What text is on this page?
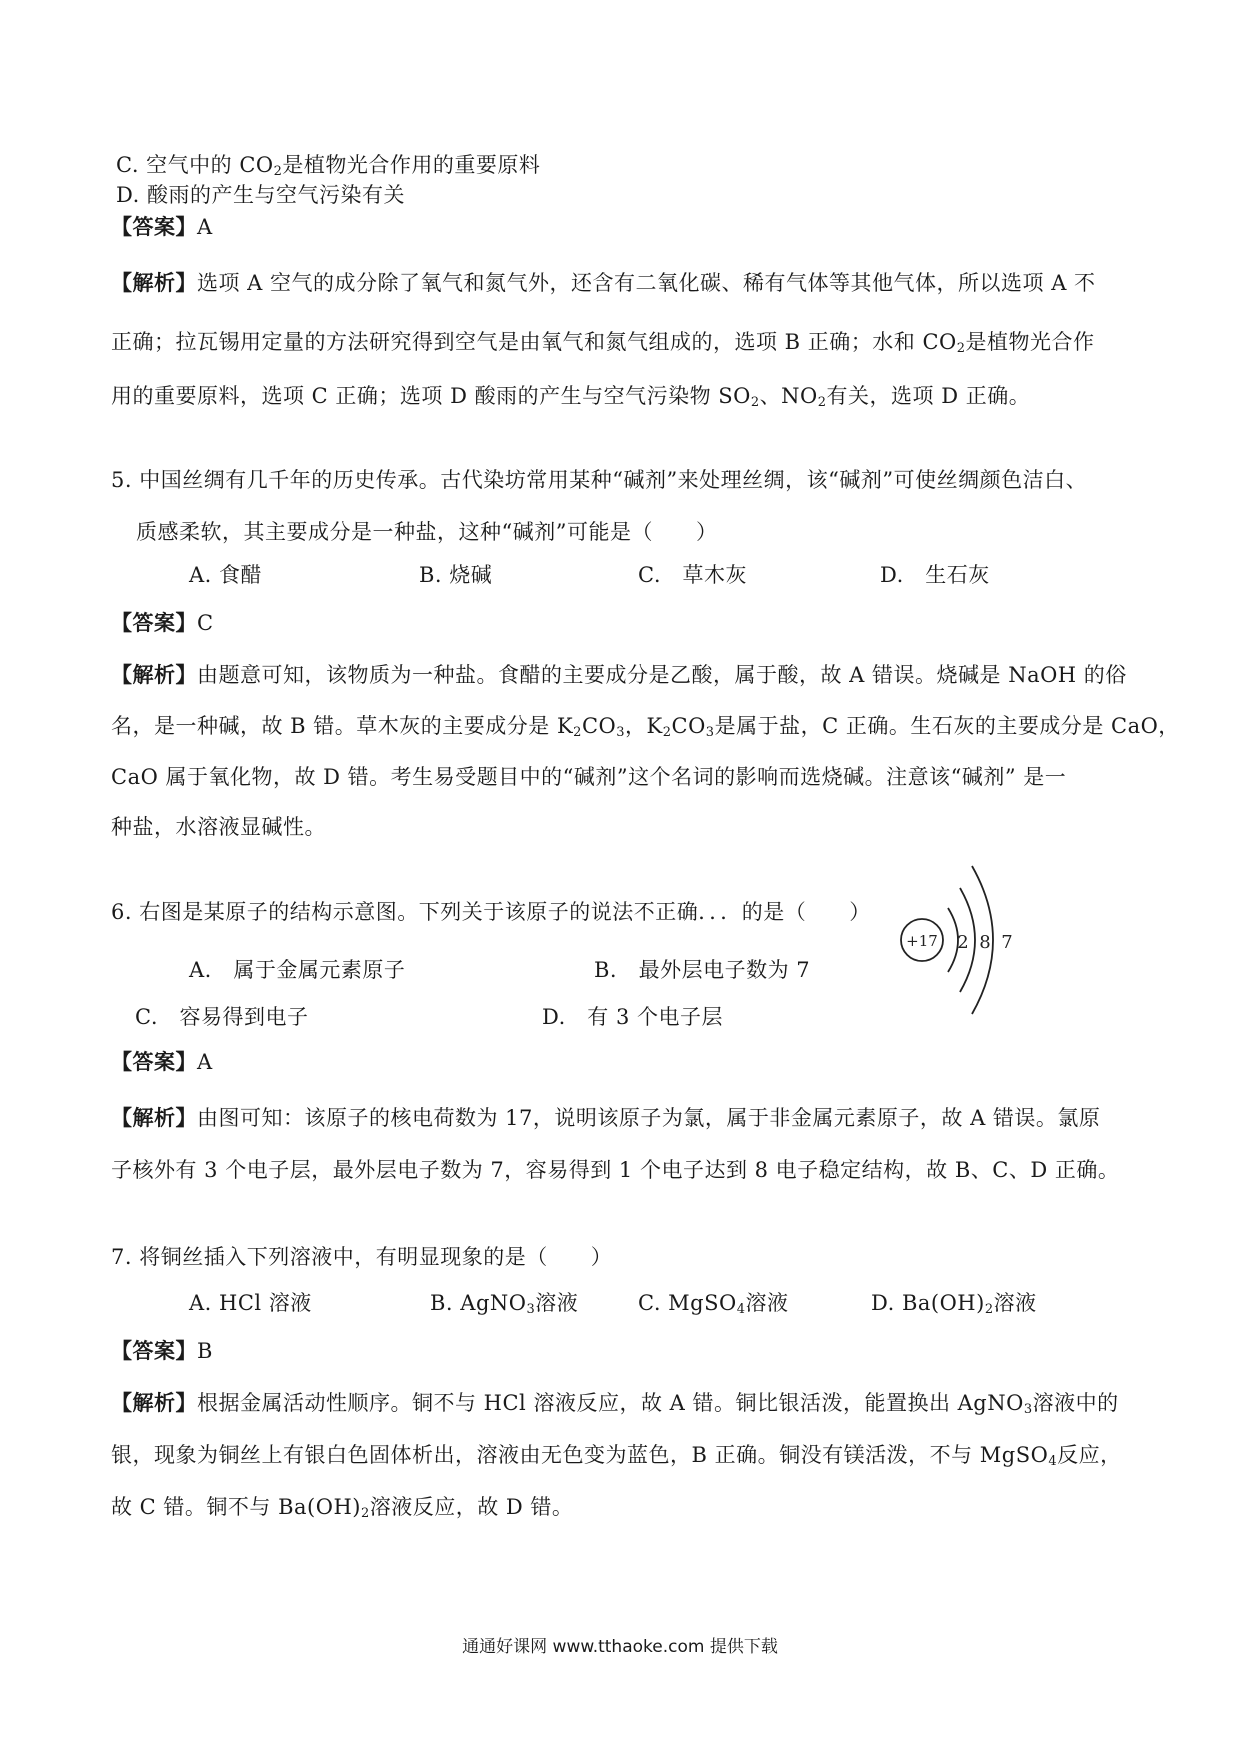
C. 空气中的 $CO_2$是植物光合作用的重要原料
D. 酸雨的产生与空气污染有关
【答案】A
【解析】选项 A 空气的成分除了氧气和氮气外，还含有二氧化碳、稀有气体等其他气体，所以选项 A 不
正确；拉瓦锡用定量的方法研究得到空气是由氧气和氮气组成的，选项 B 正确；水和 $CO_2$是植物光合作
用的重要原料，选项 C 正确；选项 D 酸雨的产生与空气污染物 $SO_2$、$NO_2$有关，选项 D 正确。
5. 中国丝绸有几千年的历史传承。古代染坊常用某种“碱剂”来处理丝绸，该“碱剂”可使丝绸颜色洁白、
质感柔软，其主要成分是一种盐，这种“碱剂”可能是（　　）
A. 食醋	B. 烧碱	C.　草木灰	D.　生石灰
【答案】C
【解析】由题意可知，该物质为一种盐。食醋的主要成分是乙酸，属于酸，故 A 错误。烧碱是 NaOH 的俗
名，是一种碱，故 B 错。草木灰的主要成分是 $K_2CO_3$，$K_2CO_3$是属于盐，C 正确。生石灰的主要成分是 CaO，
CaO 属于氧化物，故 D 错。考生易受题目中的“碱剂”这个名词的影响而选烧碱。注意该“碱剂” 是一
种盐，水溶液显碱性。
6. 右图是某原子的结构示意图。下列关于该原子的说法不正确．．．的是（　　）
A.　属于金属元素原子	B.　最外层电子数为 7
C.　容易得到电子	D.　有 3 个电子层
+17 2 8 7
【答案】A
【解析】由图可知：该原子的核电荷数为 17，说明该原子为氯，属于非金属元素原子，故 A 错误。氯原
子核外有 3 个电子层，最外层电子数为 7，容易得到 1 个电子达到 8 电子稳定结构，故 B、C、D 正确。
7. 将铜丝插入下列溶液中，有明显现象的是（　　）
A. HCl 溶液	B. AgNO$_3$溶液	C. MgSO$_4$溶液	D. $Ba(OH)_2$溶液
【答案】B
【解析】根据金属活动性顺序。铜不与 HCl 溶液反应，故 A 错。铜比银活泼，能置换出 AgNO$_3$溶液中的
银，现象为铜丝上有银白色固体析出，溶液由无色变为蓝色，B 正确。铜没有镁活泼，不与 MgSO$_4$反应，
故 C 错。铜不与 $Ba(OH)_2$溶液反应，故 D 错。
通通好课网 www.tthaoke.com 提供下载
